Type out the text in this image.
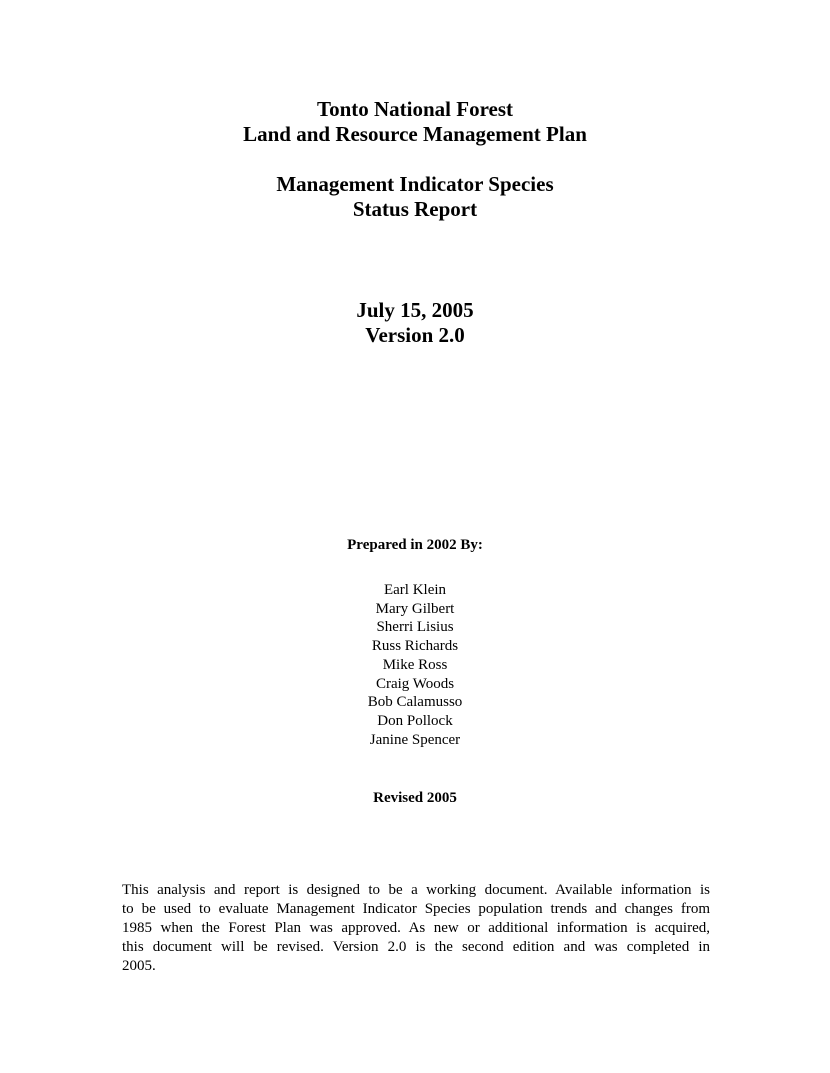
Tonto National Forest
Land and Resource Management Plan
Management Indicator Species
Status Report
July 15, 2005
Version 2.0
Prepared in 2002 By:
Earl Klein
Mary Gilbert
Sherri Lisius
Russ Richards
Mike Ross
Craig Woods
Bob Calamusso
Don Pollock
Janine Spencer
Revised 2005
This analysis and report is designed to be a working document. Available information is
to be used to evaluate Management Indicator Species population trends and changes from
1985 when the Forest Plan was approved. As new or additional information is acquired,
this document will be revised. Version 2.0 is the second edition and was completed in
2005.
